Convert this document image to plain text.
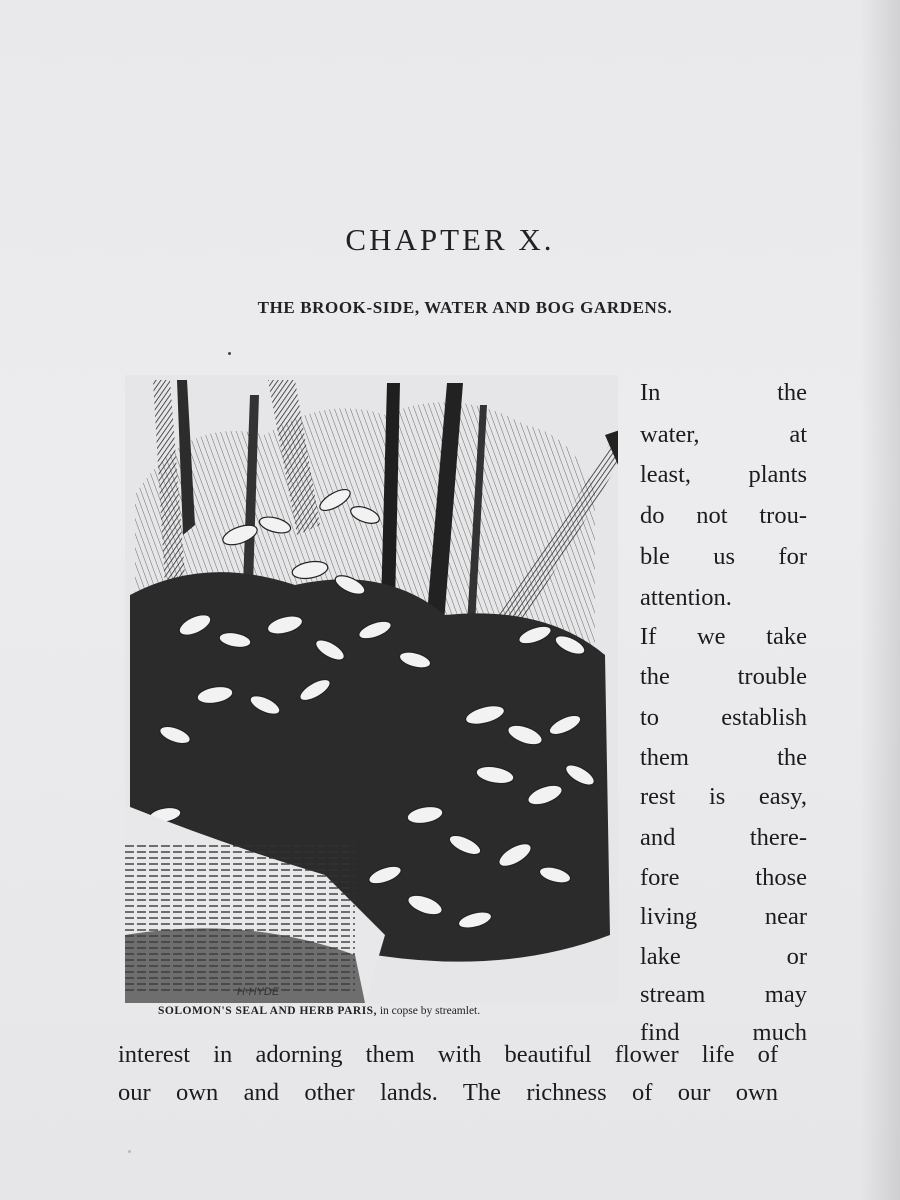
CHAPTER X.
THE BROOK-SIDE, WATER AND BOG GARDENS.
H·HYDE
SOLOMON'S SEAL AND HERB PARIS, in copse by streamlet.
In the
water, at
least, plants
do not trou-
ble us for
attention.
If we take
the trouble
to establish
them the
rest is easy,
and there-
fore those
living near
lake or
stream may
find much
interest in adorning them with beautiful flower life of
our own and other lands. The richness of our own
